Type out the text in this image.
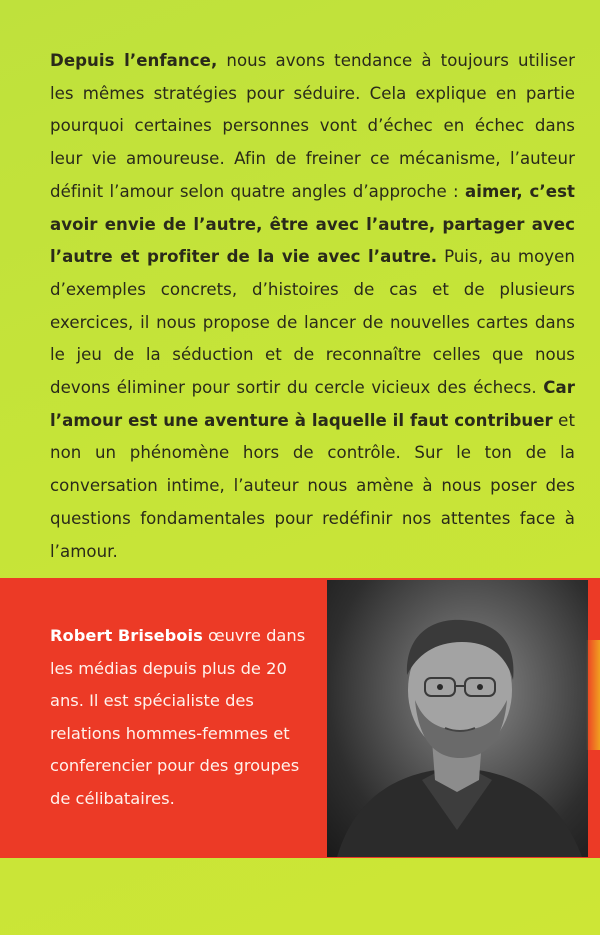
Depuis l’enfance, nous avons tendance à toujours utiliser les mêmes stratégies pour séduire. Cela explique en partie pourquoi certaines personnes vont d’échec en échec dans leur vie amoureuse. Afin de freiner ce mécanisme, l’auteur définit l’amour selon quatre angles d’approche : aimer, c’est avoir envie de l’autre, être avec l’autre, partager avec l’autre et profiter de la vie avec l’autre. Puis, au moyen d’exemples concrets, d’histoires de cas et de plusieurs exercices, il nous propose de lancer de nouvelles cartes dans le jeu de la séduction et de reconnaître celles que nous devons éliminer pour sortir du cercle vicieux des échecs. Car l’amour est une aventure à laquelle il faut contribuer et non un phénomène hors de contrôle. Sur le ton de la conversation intime, l’auteur nous amène à nous poser des questions fondamentales pour redéfinir nos attentes face à l’amour.

Robert Brisebois œuvre dans les médias depuis plus de 20 ans. Il est spécialiste des relations hommes-femmes et conferencier pour des groupes de célibataires.
